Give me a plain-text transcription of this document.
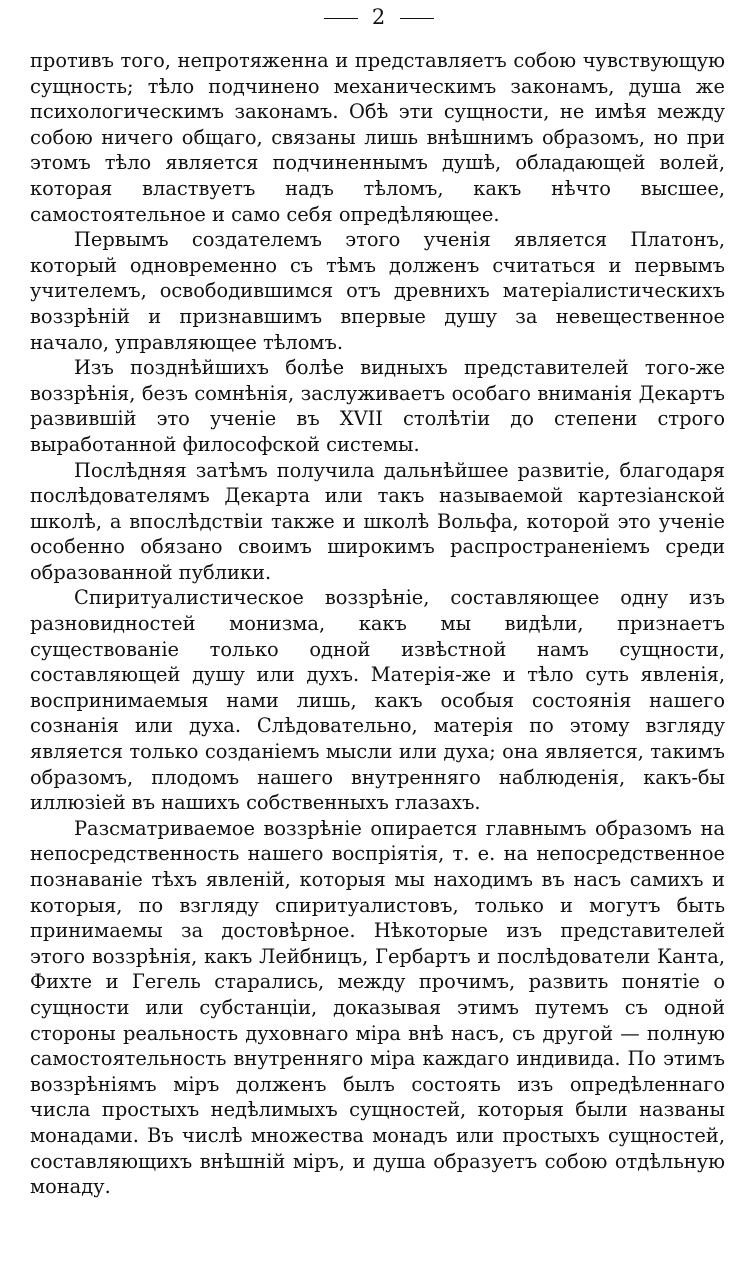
2

противъ того, непротяженна и представляетъ собою чувствующую сущность; тѣло подчинено механическимъ законамъ, душа же психологическимъ законамъ. Обѣ эти сущности, не имѣя между собою ничего общаго, связаны лишь внѣшнимъ образомъ, но при этомъ тѣло является подчиненнымъ душѣ, обладающей волей, которая властвуетъ надъ тѣломъ, какъ нѣчто высшее, самостоятельное и само себя опредѣляющее.

Первымъ создателемъ этого ученія является Платонъ, который одновременно съ тѣмъ долженъ считаться и первымъ учителемъ, освободившимся отъ древнихъ матеріалистическихъ воззрѣній и признавшимъ впервые душу за невещественное начало, управляющее тѣломъ.

Изъ позднѣйшихъ болѣе видныхъ представителей того-же воззрѣнія, безъ сомнѣнія, заслуживаетъ особаго вниманія Декартъ развившій это ученіе въ XVII столѣтіи до степени строго выработанной философской системы.

Послѣдняя затѣмъ получила дальнѣйшее развитіе, благодаря послѣдователямъ Декарта или такъ называемой картезіанской школѣ, а впослѣдствіи также и школѣ Вольфа, которой это ученіе особенно обязано своимъ широкимъ распространеніемъ среди образованной публики.

Спиритуалистическое воззрѣніе, составляющее одну изъ разновидностей монизма, какъ мы видѣли, признаетъ существованіе только одной извѣстной намъ сущности, составляющей душу или духъ. Матерія-же и тѣло суть явленія, воспринимаемыя нами лишь, какъ особыя состоянія нашего сознанія или духа. Слѣдовательно, матерія по этому взгляду является только созданіемъ мысли или духа; она является, такимъ образомъ, плодомъ нашего внутренняго наблюденія, какъ-бы иллюзіей въ нашихъ собственныхъ глазахъ.

Разсматриваемое воззрѣніе опирается главнымъ образомъ на непосредственность нашего воспріятія, т. е. на непосредственное познаваніе тѣхъ явленій, которыя мы находимъ въ насъ самихъ и которыя, по взгляду спиритуалистовъ, только и могутъ быть принимаемы за достовѣрное. Нѣкоторые изъ представителей этого воззрѣнія, какъ Лейбницъ, Гербартъ и послѣдователи Канта, Фихте и Гегель старались, между прочимъ, развить понятіе о сущности или субстанціи, доказывая этимъ путемъ съ одной стороны реальность духовнаго міра внѣ насъ, съ другой — полную самостоятельность внутренняго міра каждаго индивида. По этимъ воззрѣніямъ міръ долженъ былъ состоять изъ опредѣленнаго числа простыхъ недѣлимыхъ сущностей, которыя были названы монадами. Въ числѣ множества монадъ или простыхъ сущностей, составляющихъ внѣшній міръ, и душа образуетъ собою отдѣльную монаду.
